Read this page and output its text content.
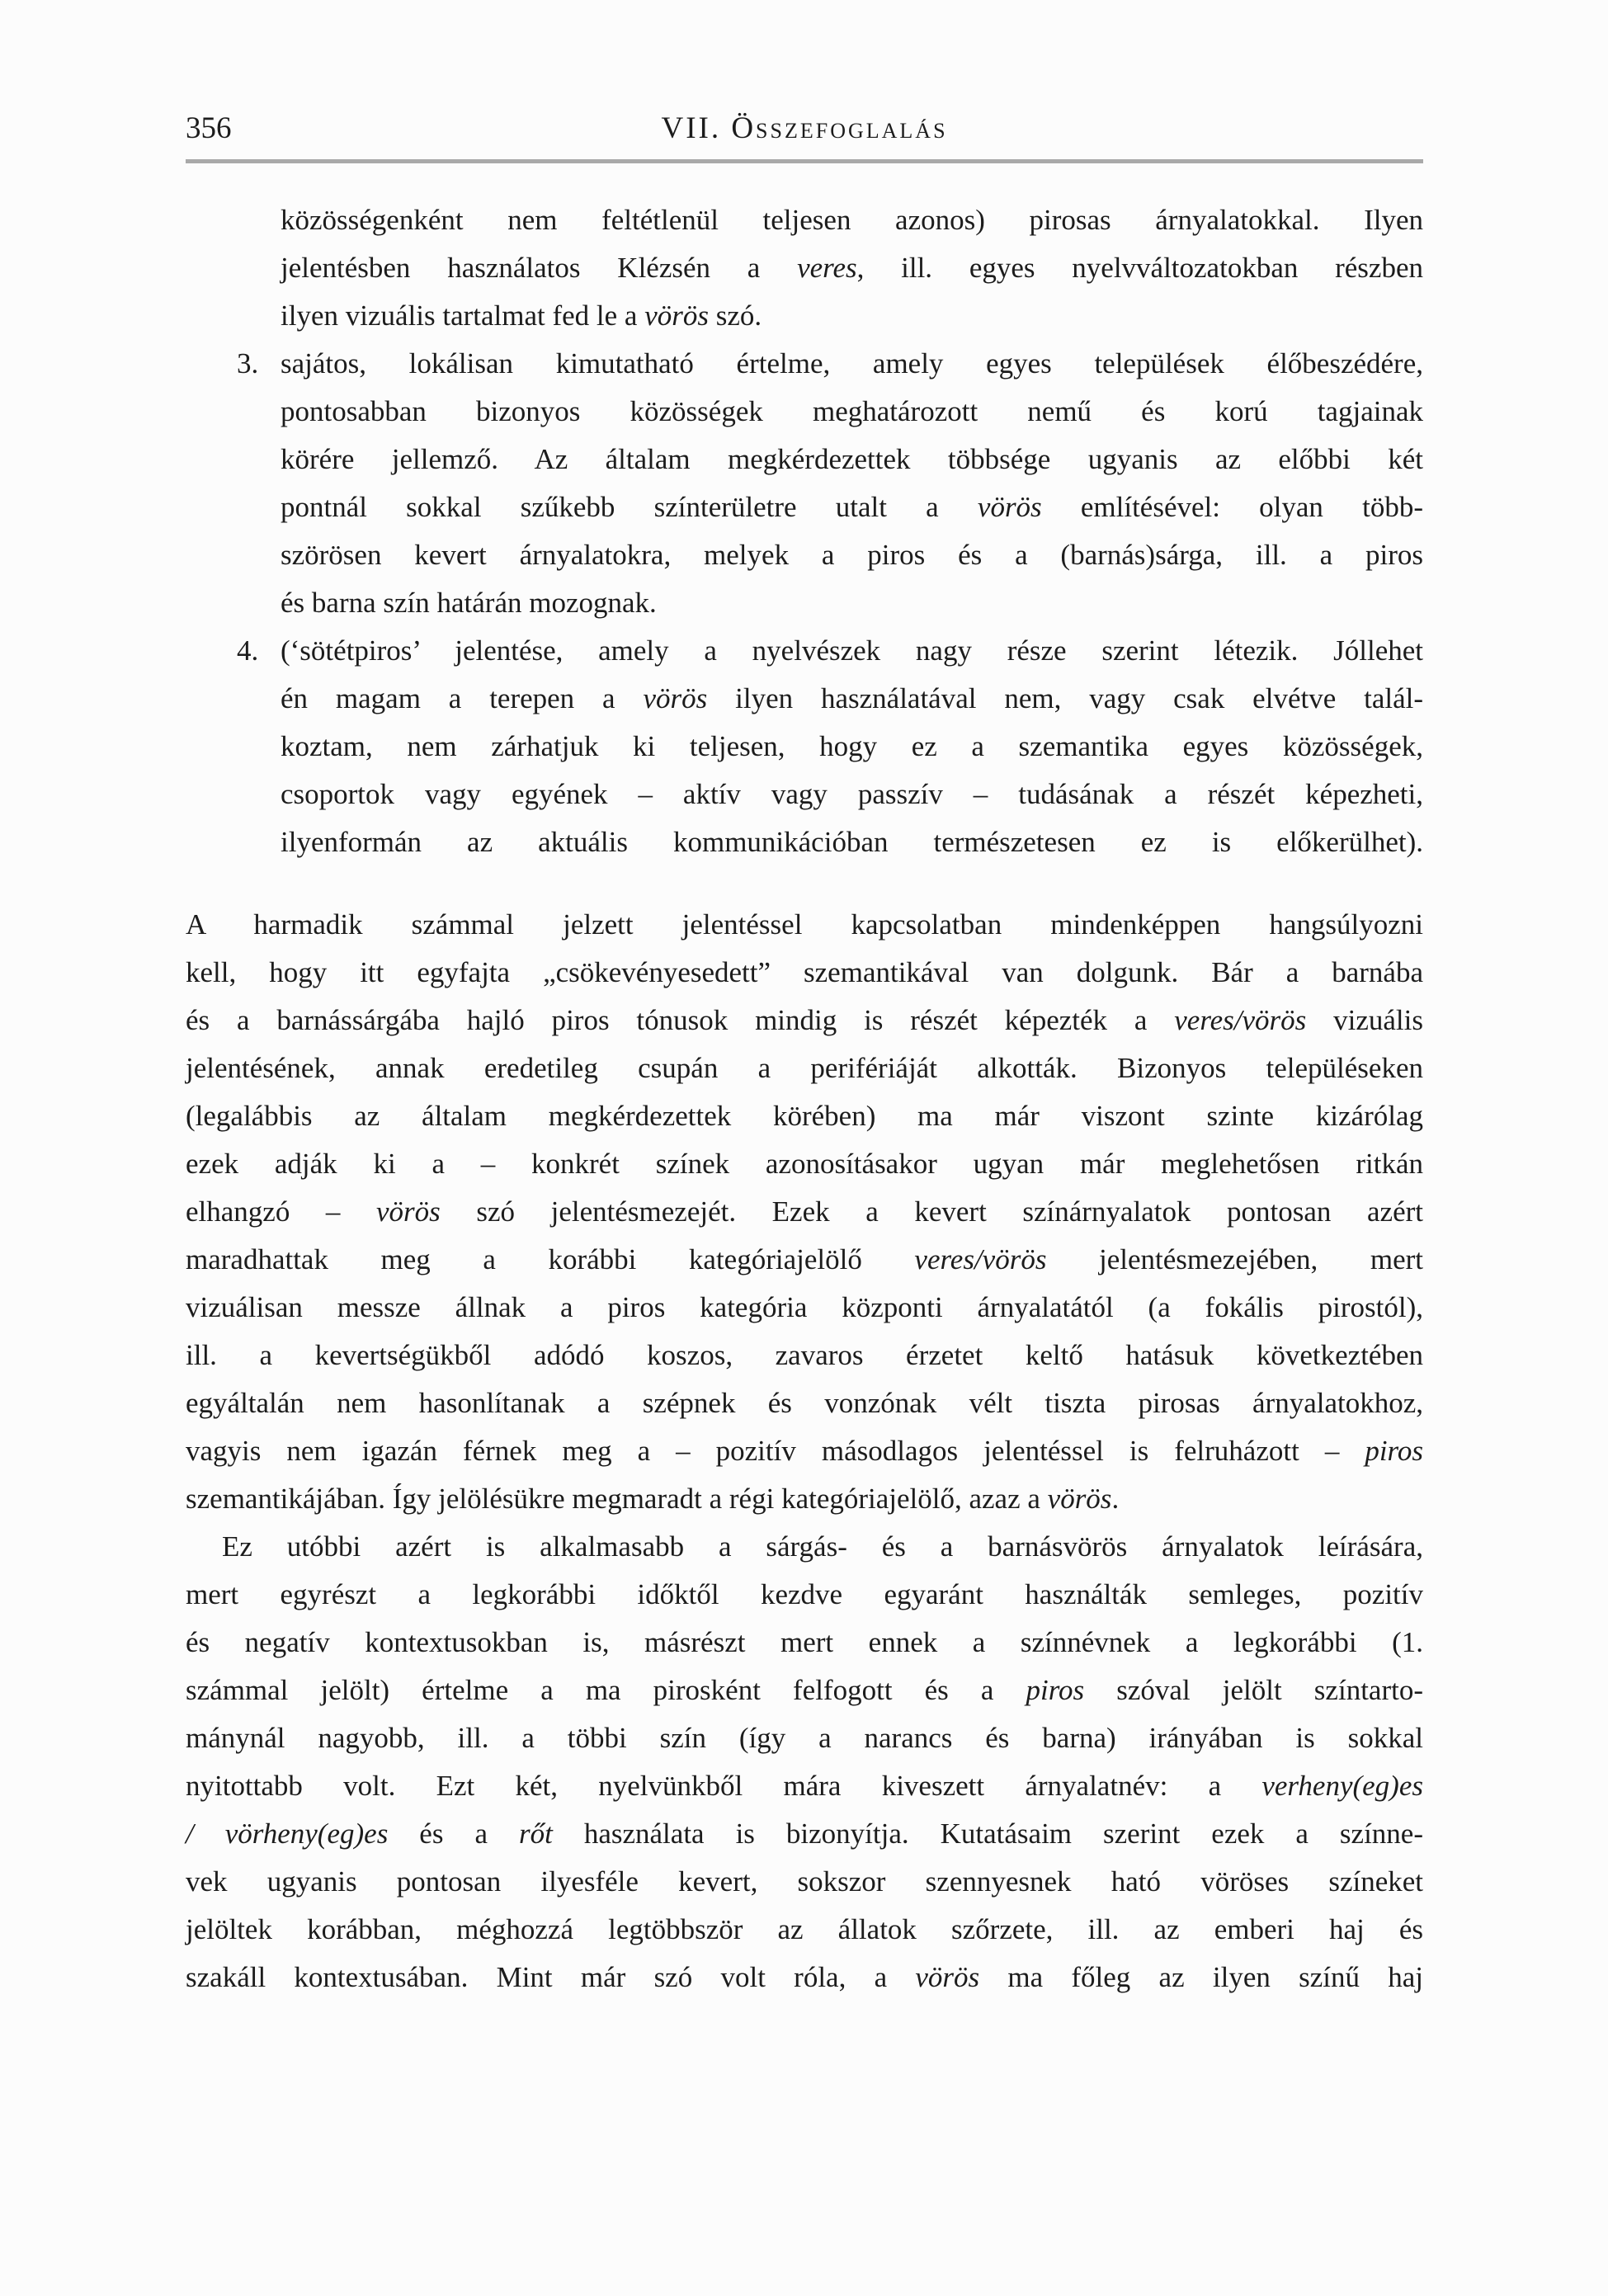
356	VII. Összefoglalás
közösségenként nem feltétlenül teljesen azonos) pirosas árnyalatokkal. Ilyen
jelentésben használatos Klézsén a veres, ill. egyes nyelvváltozatokban részben
ilyen vizuális tartalmat fed le a vörös szó.
3. sajátos, lokálisan kimutatható értelme, amely egyes települések élőbeszédére,
pontosabban bizonyos közösségek meghatározott nemű és korú tagjainak
körére jellemző. Az általam megkérdezettek többsége ugyanis az előbbi két
pontnál sokkal szűkebb színterületre utalt a vörös említésével: olyan több-
szörösen kevert árnyalatokra, melyek a piros és a (barnás)sárga, ill. a piros
és barna szín határán mozognak.
4. (‘sötétpiros’ jelentése, amely a nyelvészek nagy része szerint létezik. Jóllehet
én magam a terepen a vörös ilyen használatával nem, vagy csak elvétve talál-
koztam, nem zárhatjuk ki teljesen, hogy ez a szemantika egyes közösségek,
csoportok vagy egyének – aktív vagy passzív – tudásának a részét képezheti,
ilyenformán az aktuális kommunikációban természetesen ez is előkerülhet).
A harmadik számmal jelzett jelentéssel kapcsolatban mindenképpen hangsúlyozni
kell, hogy itt egyfajta „csökevényesedett” szemantikával van dolgunk. Bár a barnába
és a barnássárgába hajló piros tónusok mindig is részét képezték a veres/vörös vizuális
jelentésének, annak eredetileg csupán a perifériáját alkották. Bizonyos településeken
(legalábbis az általam megkérdezettek körében) ma már viszont szinte kizárólag
ezek adják ki a – konkrét színek azonosításakor ugyan már meglehetősen ritkán
elhangzó – vörös szó jelentésmezejét. Ezek a kevert színárnyalatok pontosan azért
maradhattak meg a korábbi kategóriajelölő veres/vörös jelentésmezejében, mert
vizuálisan messze állnak a piros kategória központi árnyalatától (a fokális pirostól),
ill. a kevertségükből adódó koszos, zavaros érzetet keltő hatásuk következtében
egyáltalán nem hasonlítanak a szépnek és vonzónak vélt tiszta pirosas árnyalatokhoz,
vagyis nem igazán férnek meg a – pozitív másodlagos jelentéssel is felruházott – piros
szemantikájában. Így jelölésükre megmaradt a régi kategóriajelölő, azaz a vörös.
Ez utóbbi azért is alkalmasabb a sárgás- és a barnásvörös árnyalatok leírására,
mert egyrészt a legkorábbi időktől kezdve egyaránt használták semleges, pozitív
és negatív kontextusokban is, másrészt mert ennek a színnévnek a legkorábbi (1.
számmal jelölt) értelme a ma pirosként felfogott és a piros szóval jelölt színtarto-
mánynál nagyobb, ill. a többi szín (így a narancs és barna) irányában is sokkal
nyitottabb volt. Ezt két, nyelvünkből mára kiveszett árnyalatnév: a verheny(eg)es
/ vörheny(eg)es és a rőt használata is bizonyítja. Kutatásaim szerint ezek a színne-
vek ugyanis pontosan ilyesféle kevert, sokszor szennyesnek ható vöröses színeket
jelöltek korábban, méghozzá legtöbbször az állatok szőrzete, ill. az emberi haj és
szakáll kontextusában. Mint már szó volt róla, a vörös ma főleg az ilyen színű haj
